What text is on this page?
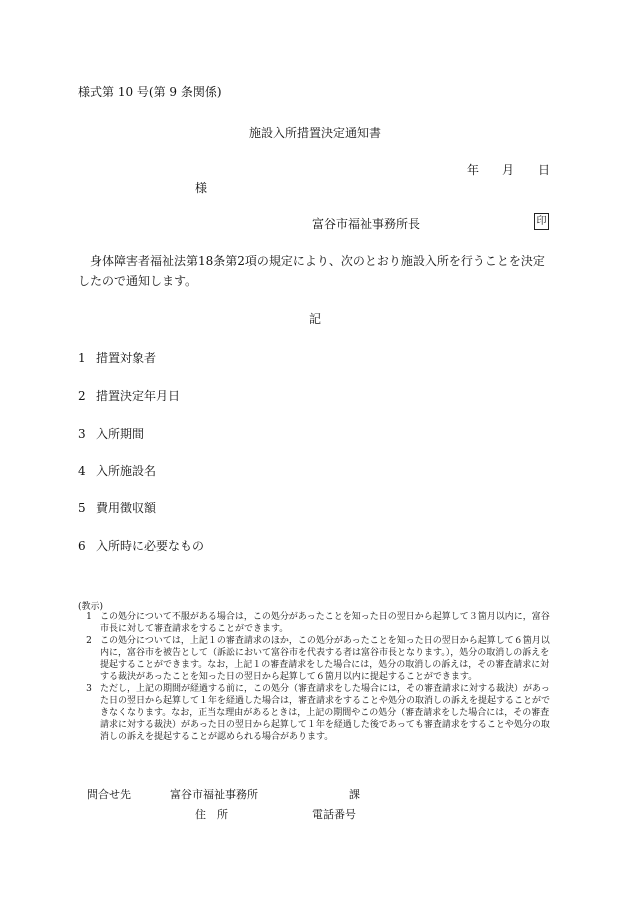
様式第 10 号(第 9 条関係)
施設入所措置決定通知書
年 月 日
様
富谷市福祉事務所長	印
身体障害者福祉法第18条第2項の規定により、次のとおり施設入所を行うことを決定したので通知します。
記
1 措置対象者
2 措置決定年月日
3 入所期間
4 入所施設名
5 費用徴収額
6 入所時に必要なもの
(教示)
1 この処分について不服がある場合は，この処分があったことを知った日の翌日から起算して３箇月以内に，富谷市長に対して審査請求をすることができます。
2 この処分については，上記１の審査請求のほか，この処分があったことを知った日の翌日から起算して６箇月以内に，富谷市を被告として（訴訟において富谷市を代表する者は富谷市長となります。），処分の取消しの訴えを提起することができます。なお，上記１の審査請求をした場合には，処分の取消しの訴えは，その審査請求に対する裁決があったことを知った日の翌日から起算して６箇月以内に提起することができます。
3 ただし，上記の期間が経過する前に，この処分（審査請求をした場合には，その審査請求に対する裁決）があった日の翌日から起算して１年を経過した場合は，審査請求をすることや処分の取消しの訴えを提起することができなくなります。なお，正当な理由があるときは，上記の期間やこの処分（審査請求をした場合には，その審査請求に対する裁決）があった日の翌日から起算して１年を経過した後であっても審査請求をすることや処分の取消しの訴えを提起することが認められる場合があります。
問合せ先	富谷市福祉事務所	課
住　所	電話番号
